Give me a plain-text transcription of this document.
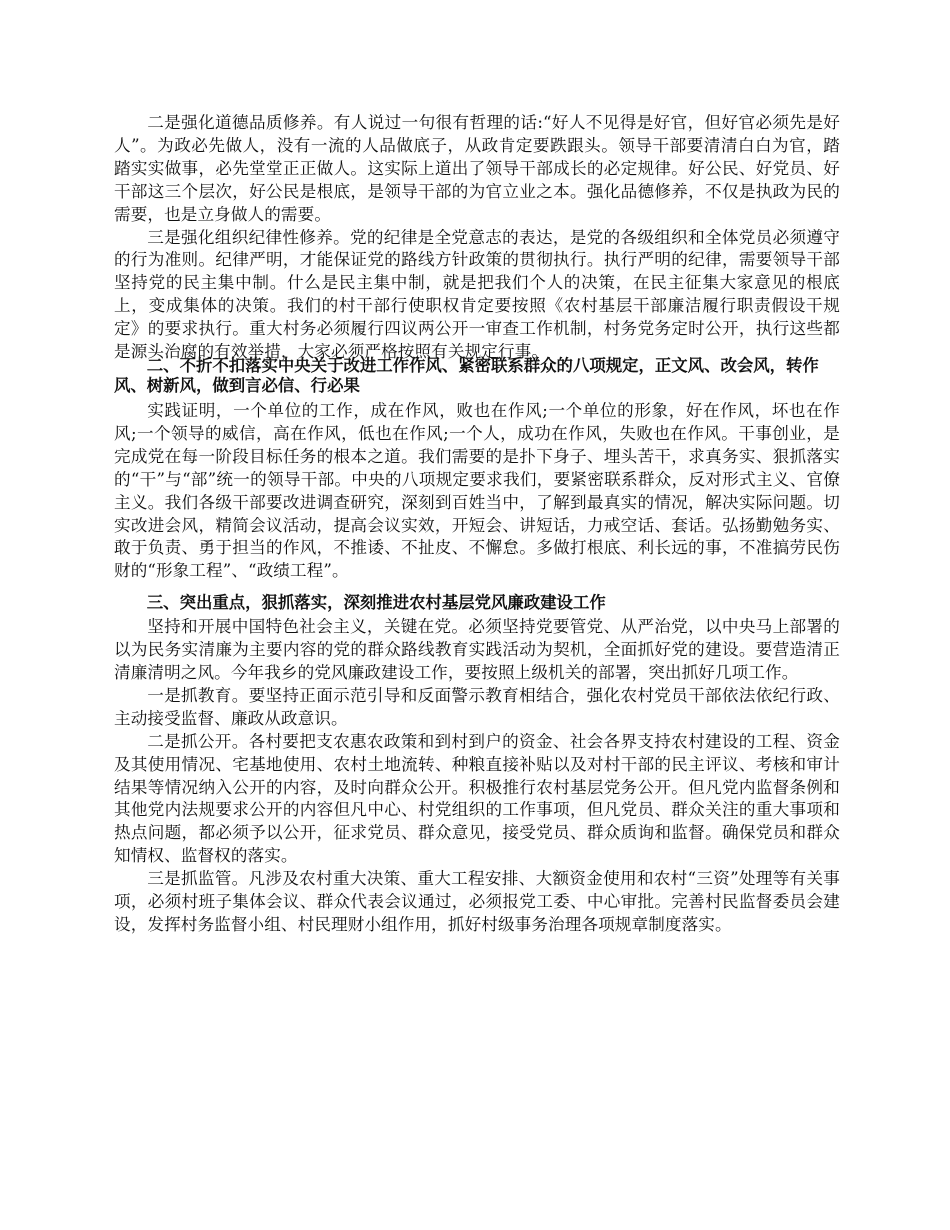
二是强化道德品质修养。有人说过一句很有哲理的话:“好人不见得是好官，但好官必须先是好人”。为政必先做人，没有一流的人品做底子，从政肯定要跌跟头。领导干部要清清白白为官，踏踏实实做事，必先堂堂正正做人。这实际上道出了领导干部成长的必定规律。好公民、好党员、好干部这三个层次，好公民是根底，是领导干部的为官立业之本。强化品德修养，不仅是执政为民的需要，也是立身做人的需要。

三是强化组织纪律性修养。党的纪律是全党意志的表达，是党的各级组织和全体党员必须遵守的行为准则。纪律严明，才能保证党的路线方针政策的贯彻执行。执行严明的纪律，需要领导干部坚持党的民主集中制。什么是民主集中制，就是把我们个人的决策，在民主征集大家意见的根底上，变成集体的决策。我们的村干部行使职权肯定要按照《农村基层干部廉洁履行职责假设干规定》的要求执行。重大村务必须履行四议两公开一审查工作机制，村务党务定时公开，执行这些都是源头治腐的有效举措，大家必须严格按照有关规定行事。

二、不折不扣落实中央关于改进工作作风、紧密联系群众的八项规定，正文风、改会风，转作风、树新风，做到言必信、行必果

实践证明，一个单位的工作，成在作风，败也在作风;一个单位的形象，好在作风，坏也在作风;一个领导的威信，高在作风，低也在作风;一个人，成功在作风，失败也在作风。干事创业，是完成党在每一阶段目标任务的根本之道。我们需要的是扑下身子、埋头苦干，求真务实、狠抓落实的“干”与“部”统一的领导干部。中央的八项规定要求我们，要紧密联系群众，反对形式主义、官僚主义。我们各级干部要改进调查研究，深刻到百姓当中，了解到最真实的情况，解决实际问题。切实改进会风，精简会议活动，提高会议实效，开短会、讲短话，力戒空话、套话。弘扬勤勉务实、敢于负责、勇于担当的作风，不推诿、不扯皮、不懈怠。多做打根底、利长远的事，不准搞劳民伤财的“形象工程”、“政绩工程”。

三、突出重点，狠抓落实，深刻推进农村基层党风廉政建设工作

坚持和开展中国特色社会主义，关键在党。必须坚持党要管党、从严治党，以中央马上部署的以为民务实清廉为主要内容的党的群众路线教育实践活动为契机，全面抓好党的建设。要营造清正清廉清明之风。今年我乡的党风廉政建设工作，要按照上级机关的部署，突出抓好几项工作。

一是抓教育。要坚持正面示范引导和反面警示教育相结合，强化农村党员干部依法依纪行政、主动接受监督、廉政从政意识。

二是抓公开。各村要把支农惠农政策和到村到户的资金、社会各界支持农村建设的工程、资金及其使用情况、宅基地使用、农村土地流转、种粮直接补贴以及对村干部的民主评议、考核和审计结果等情况纳入公开的内容，及时向群众公开。积极推行农村基层党务公开。但凡党内监督条例和其他党内法规要求公开的内容但凡中心、村党组织的工作事项，但凡党员、群众关注的重大事项和热点问题，都必须予以公开，征求党员、群众意见，接受党员、群众质询和监督。确保党员和群众知情权、监督权的落实。

三是抓监管。凡涉及农村重大决策、重大工程安排、大额资金使用和农村“三资”处理等有关事项，必须村班子集体会议、群众代表会议通过，必须报党工委、中心审批。完善村民监督委员会建设，发挥村务监督小组、村民理财小组作用，抓好村级事务治理各项规章制度落实。
